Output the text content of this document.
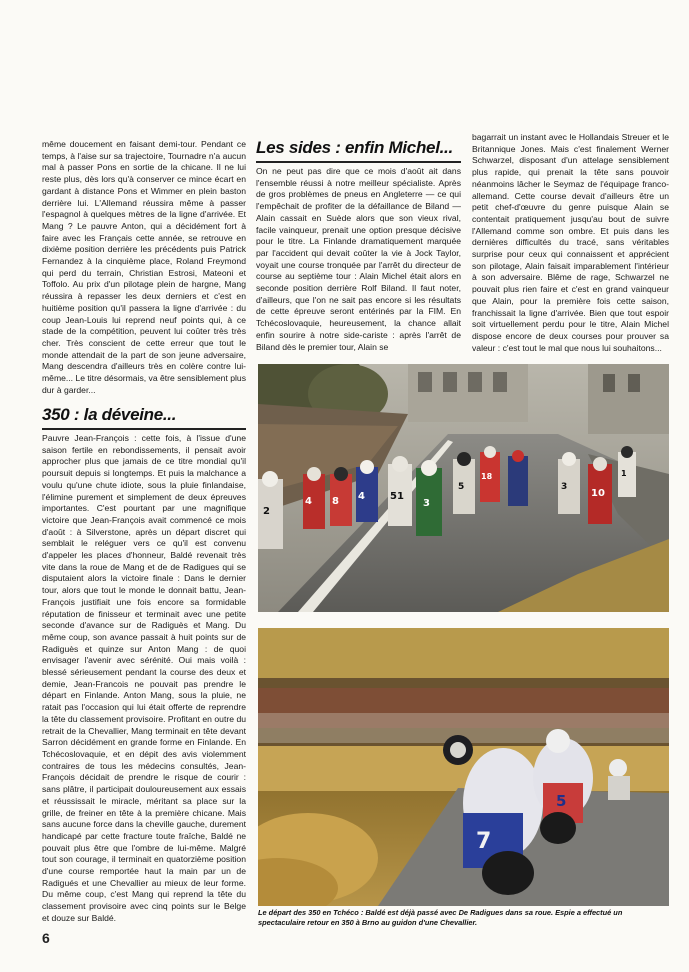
même doucement en faisant demi-tour. Pendant ce temps, à l'aise sur sa trajectoire, Tournadre n'a aucun mal à passer Pons en sortie de la chicane. Il ne lui reste plus, dès lors qu'à conserver ce mince écart en gardant à distance Pons et Wimmer en plein baston derrière lui. L'Allemand réussira même à passer l'espagnol à quelques mètres de la ligne d'arrivée. Et Mang ? Le pauvre Anton, qui a décidément fort à faire avec les Français cette année, se retrouve en dixième position derrière les précédents puis Patrick Fernandez à la cinquième place, Roland Freymond qui perd du terrain, Christian Estrosi, Mateoni et Toffolo. Au prix d'un pilotage plein de hargne, Mang réussira à repasser les deux derniers et c'est en huitième position qu'il passera la ligne d'arrivée : du coup Jean-Louis lui reprend neuf points qui, à ce stade de la compétition, peuvent lui coûter très très cher. Très conscient de cette erreur que tout le monde attendait de la part de son jeune adversaire, Mang descendra d'ailleurs très en colère contre lui-même... Le titre désormais, va être sensiblement plus dur à garder...

Pauvre Jean-François : cette fois, à l'issue d'une saison fertile en rebondissements, il pensait avoir approcher plus que jamais de ce titre mondial qu'il poursuit depuis si longtemps. Et puis la malchance a voulu qu'une chute idiote, sous la pluie finlandaise, l'élimine purement et simplement de deux épreuves importantes. C'est pourtant par une magnifique victoire que Jean-François avait commencé ce mois d'août : à Silverstone, après un départ discret qui semblait le reléguer vers ce qu'il est convenu d'appeler les places d'honneur, Baldé revenait très vite dans la roue de Mang et de de Radigues qui se disputaient alors la victoire finale : Dans le dernier tour, alors que tout le monde le donnait battu, Jean-François justifiait une fois encore sa formidable réputation de finisseur et terminait avec une petite seconde d'avance sur de Radiguès et Mang. Du même coup, son avance passait à huit points sur de Radiguès et quinze sur Anton Mang : de quoi envisager l'avenir avec sérénité. Oui mais voilà : blessé sérieusement pendant la course des deux et demie, Jean-Francois ne pouvait pas prendre le départ en Finlande. Anton Mang, sous la pluie, ne ratait pas l'occasion qui lui était offerte de reprendre la tête du classement provisoire. Profitant en outre du retrait de la Chevallier, Mang terminait en tête devant Sarron décidément en grande forme en Finlande. En Tchécoslovaquie, et en dépit des avis violemment contraires de tous les médecins consultés, Jean-François décidait de prendre le risque de courir : sans plâtre, il participait douloureusement aux essais et réussissait le miracle, méritant sa place sur la grille, de freiner en tête à la première chicane. Mais sans aucune force dans la cheville gauche, durement handicapé par cette fracture toute fraîche, Baldé ne pouvait plus être que l'ombre de lui-même. Malgré tout son courage, il terminait en quatorzième position d'une course remportée haut la main par un de Radigués et une Chevallier au mieux de leur forme. Du même coup, c'est Mang qui reprend la tête du classement provisoire avec cinq points sur le Belge et douze sur Baldé.

350 : la déveine...
Les sides : enfin Michel...

On ne peut pas dire que ce mois d'août ait dans l'ensemble réussi à notre meilleur spécialiste. Après de gros problèmes de pneus en Angleterre — ce qui l'empêchait de profiter de la défaillance de Biland — Alain cassait en Suède alors que son vieux rival, facile vainqueur, prenait une option presque décisive pour le titre. La Finlande dramatiquement marquée par l'accident qui devait coûter la vie à Jock Taylor, voyait une course tronquée par l'arrêt du directeur de course au septième tour : Alain Michel était alors en seconde position derrière Rolf Biland. Il faut noter, d'ailleurs, que l'on ne sait pas encore si les résultats de cette épreuve seront entérinés par la FIM. En Tchécoslovaquie, heureusement, la chance allait enfin sourire à notre side-cariste : après l'arrêt de Biland dès le premier tour, Alain se

bagarrait un instant avec le Hollandais Streuer et le Britannique Jones. Mais c'est finalement Werner Schwarzel, disposant d'un attelage sensiblement plus rapide, qui prenait la tête sans pouvoir néanmoins lâcher le Seymaz de l'équipage franco-allemand. Cette course devait d'ailleurs être un petit chef-d'œuvre du genre puisque Alain se contentait pratiquement jusqu'au bout de suivre l'Allemand comme son ombre. Et puis dans les dernières difficultés du tracé, sans véritables surprise pour ceux qui connaissent et apprécient son pilotage, Alain faisait imparablement l'intérieur à son adversaire. Blême de rage, Schwarzel ne pouvait plus rien faire et c'est en grand vainqueur que Alain, pour la première fois cette saison, franchissait la ligne d'arrivée. Bien que tout espoir soit virtuellement perdu pour le titre, Alain Michel dispose encore de deux courses pour prouver sa valeur : c'est tout le mal que nous lui souhaitons...

2
4 8	51
4
3
5
18
3
10
1
7
5
Le départ des 350 en Tchéco : Baldé est déjà passé avec De Radigues dans sa roue. Espie a effectué un spectaculaire retour en 350 à Brno au guidon d'une Chevallier.
6
